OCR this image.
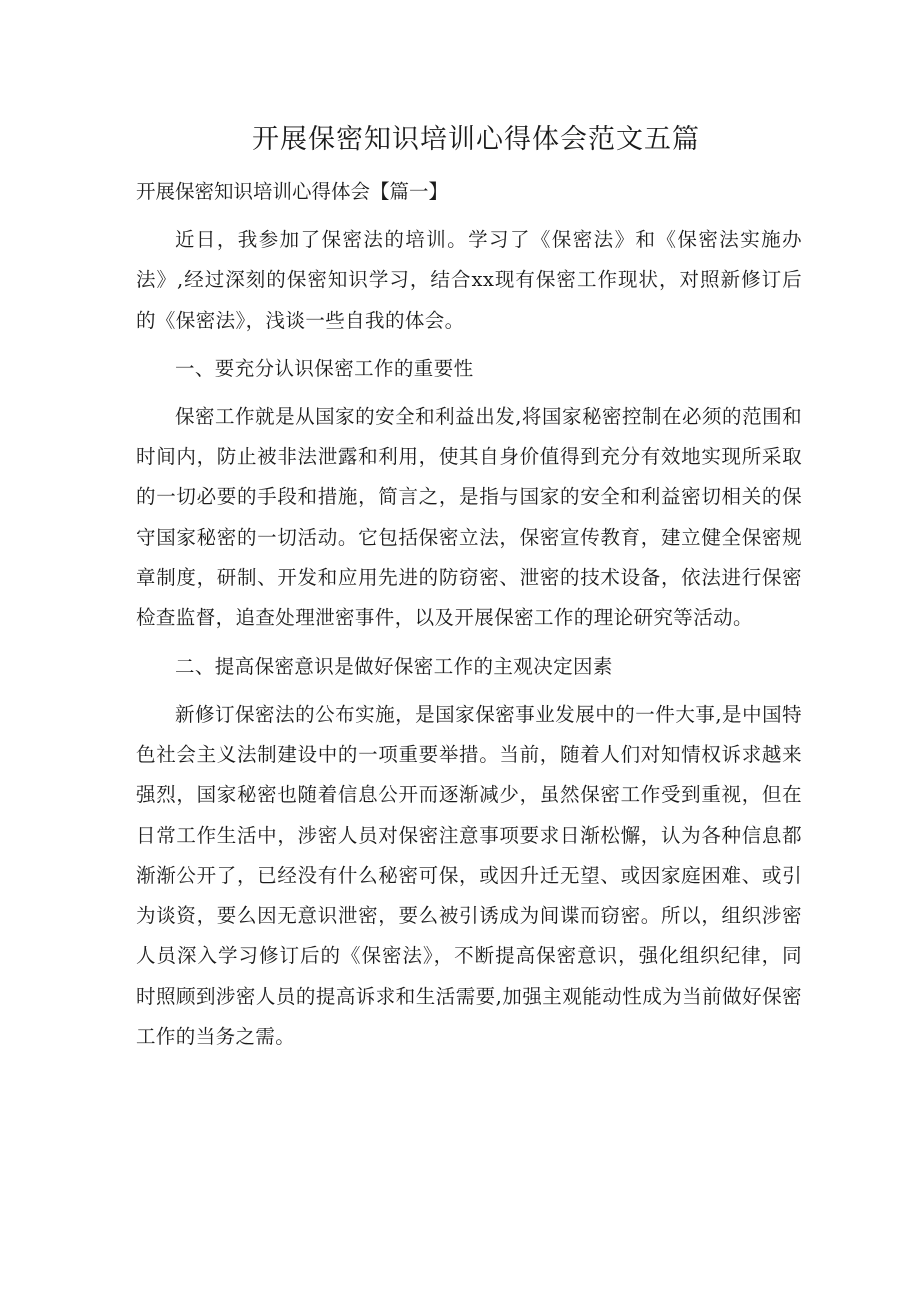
开展保密知识培训心得体会范文五篇
开展保密知识培训心得体会【篇一】

近日，我参加了保密法的培训。学习了《保密法》和《保密法实施办法》,经过深刻的保密知识学习，结合xx现有保密工作现状，对照新修订后的《保密法》，浅谈一些自我的体会。

一、要充分认识保密工作的重要性

保密工作就是从国家的安全和利益出发,将国家秘密控制在必须的范围和时间内，防止被非法泄露和利用，使其自身价值得到充分有效地实现所采取的一切必要的手段和措施，简言之，是指与国家的安全和利益密切相关的保守国家秘密的一切活动。它包括保密立法，保密宣传教育，建立健全保密规章制度，研制、开发和应用先进的防窃密、泄密的技术设备，依法进行保密检查监督，追查处理泄密事件，以及开展保密工作的理论研究等活动。

二、提高保密意识是做好保密工作的主观决定因素

新修订保密法的公布实施，是国家保密事业发展中的一件大事,是中国特色社会主义法制建设中的一项重要举措。当前，随着人们对知情权诉求越来强烈，国家秘密也随着信息公开而逐渐减少，虽然保密工作受到重视，但在日常工作生活中，涉密人员对保密注意事项要求日渐松懈，认为各种信息都渐渐公开了，已经没有什么秘密可保，或因升迁无望、或因家庭困难、或引为谈资，要么因无意识泄密，要么被引诱成为间谍而窃密。所以，组织涉密人员深入学习修订后的《保密法》，不断提高保密意识，强化组织纪律，同时照顾到涉密人员的提高诉求和生活需要,加强主观能动性成为当前做好保密工作的当务之需。
